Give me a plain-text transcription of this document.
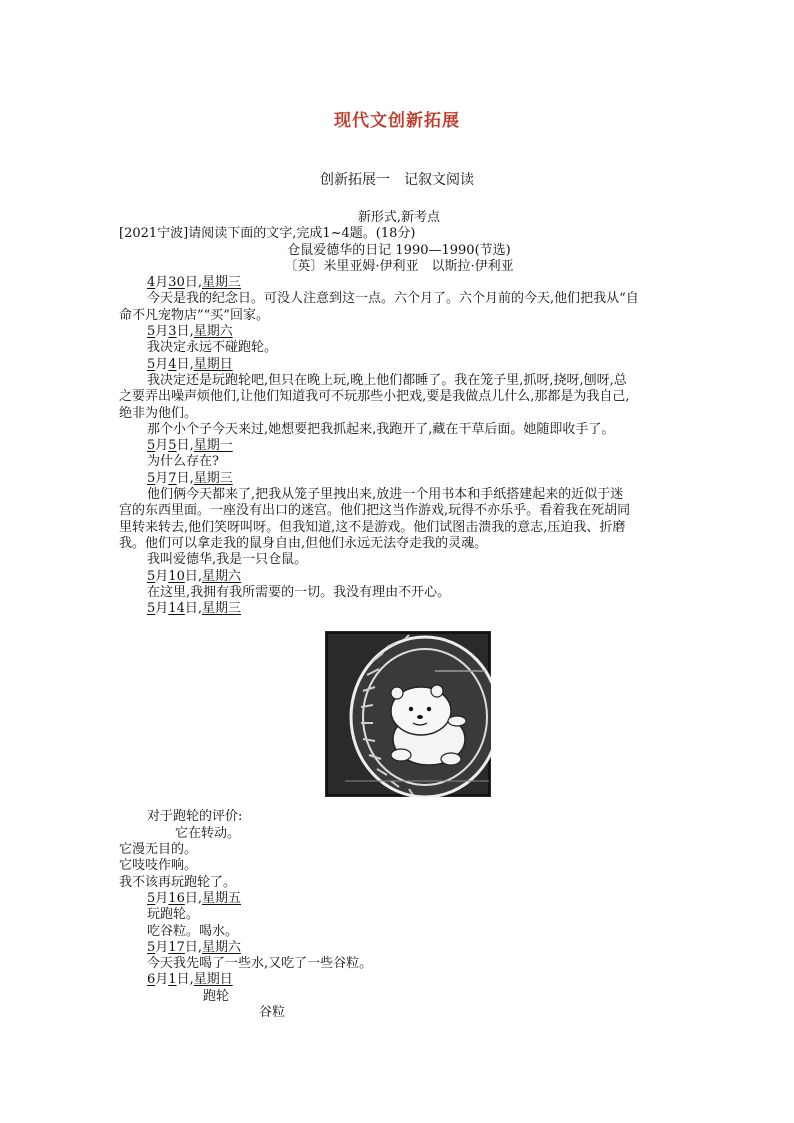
现代文创新拓展
创新拓展一 记叙文阅读

新形式,新考点

[2021宁波]请阅读下面的文字,完成1~4题。(18分)

仓鼠爱德华的日记 1990—1990(节选)

〔英〕米里亚姆·伊利亚　以斯拉·伊利亚

4月30日,星期三

今天是我的纪念日。可没人注意到这一点。六个月了。六个月前的今天,他们把我从“自

命不凡宠物店”“买”回家。

5月3日,星期六

我决定永远不碰跑轮。

5月4日,星期日

我决定还是玩跑轮吧,但只在晚上玩,晚上他们都睡了。我在笼子里,抓呀,挠呀,刨呀,总

之要弄出噪声烦他们,让他们知道我可不玩那些小把戏,要是我做点儿什么,那都是为我自己,

绝非为他们。

那个小个子今天来过,她想要把我抓起来,我跑开了,藏在干草后面。她随即收手了。

5月5日,星期一

为什么存在?

5月7日,星期三

他们俩今天都来了,把我从笼子里拽出来,放进一个用书本和手纸搭建起来的近似于迷

宫的东西里面。一座没有出口的迷宫。他们把这当作游戏,玩得不亦乐乎。看着我在死胡同

里转来转去,他们笑呀叫呀。但我知道,这不是游戏。他们试图击溃我的意志,压迫我、折磨

我。他们可以拿走我的鼠身自由,但他们永远无法夺走我的灵魂。

我叫爱德华,我是一只仓鼠。

5月10日,星期六

在这里,我拥有我所需要的一切。我没有理由不开心。

5月14日,星期三

对于跑轮的评价:

它在转动。

它漫无目的。

它吱吱作响。

我不该再玩跑轮了。

5月16日,星期五

玩跑轮。

吃谷粒。喝水。

5月17日,星期六

今天我先喝了一些水,又吃了一些谷粒。

6月1日,星期日

跑轮

谷粒
